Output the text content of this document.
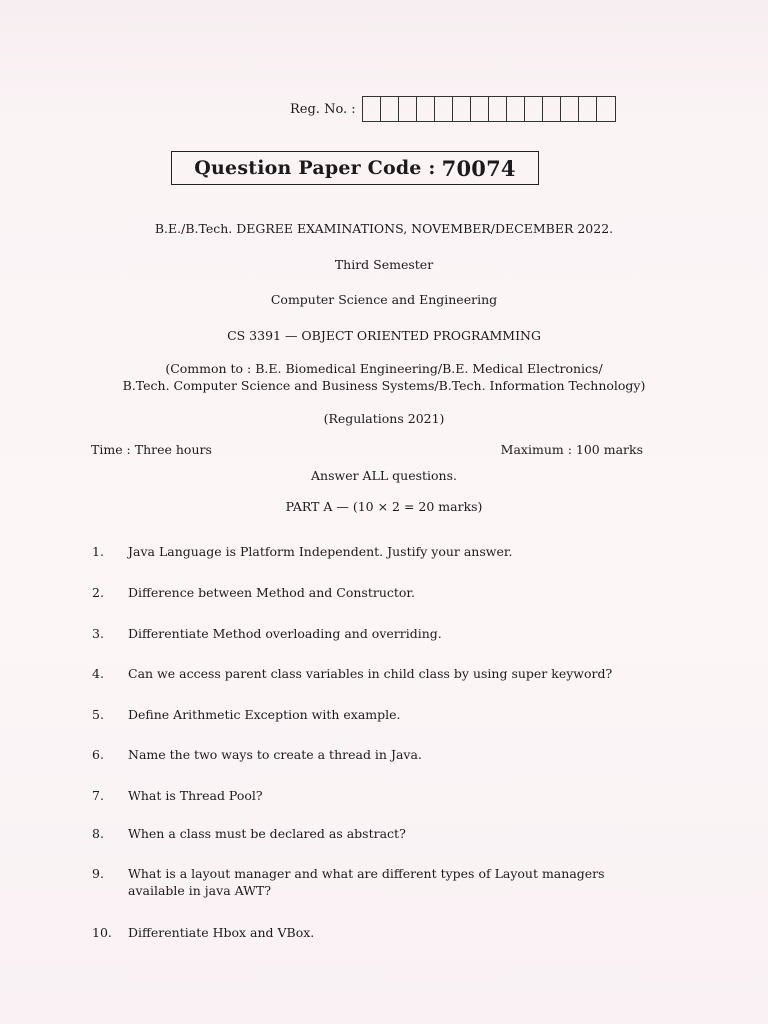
Reg. No. :
Question Paper Code : 70074
B.E./B.Tech. DEGREE EXAMINATIONS, NOVEMBER/DECEMBER 2022.
Third Semester
Computer Science and Engineering
CS 3391 — OBJECT ORIENTED PROGRAMMING
(Common to : B.E. Biomedical Engineering/B.E. Medical Electronics/
B.Tech. Computer Science and Business Systems/B.Tech. Information Technology)
(Regulations 2021)
Time : Three hours	Maximum : 100 marks
Answer ALL questions.
PART A — (10 × 2 = 20 marks)
1.	Java Language is Platform Independent. Justify your answer.
2.	Difference between Method and Constructor.
3.	Differentiate Method overloading and overriding.
4.	Can we access parent class variables in child class by using super keyword?
5.	Define Arithmetic Exception with example.
6.	Name the two ways to create a thread in Java.
7.	What is Thread Pool?
8.	When a class must be declared as abstract?
9.	What is a layout manager and what are different types of Layout managers available in java AWT?
10.	Differentiate Hbox and VBox.
